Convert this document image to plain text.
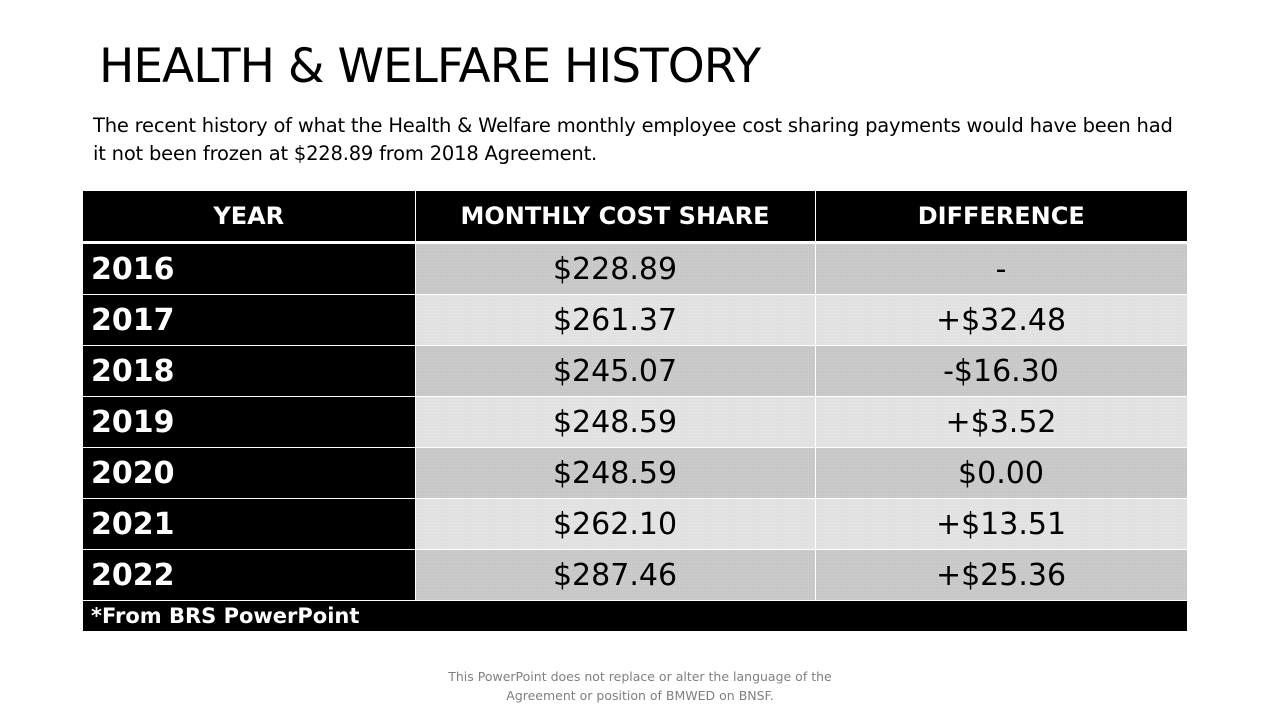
HEALTH & WELFARE HISTORY

The recent history of what the Health & Welfare monthly employee cost sharing payments would have been had
it not been frozen at $228.89 from 2018 Agreement.

YEAR	MONTHLY COST SHARE	DIFFERENCE
2016	$228.89	-
2017	$261.37	+$32.48
2018	$245.07	-$16.30
2019	$248.59	+$3.52
2020	$248.59	$0.00
2021	$262.10	+$13.51
2022	$287.46	+$25.36
*From BRS PowerPoint		

This PowerPoint does not replace or alter the language of the
Agreement or position of BMWED on BNSF.
